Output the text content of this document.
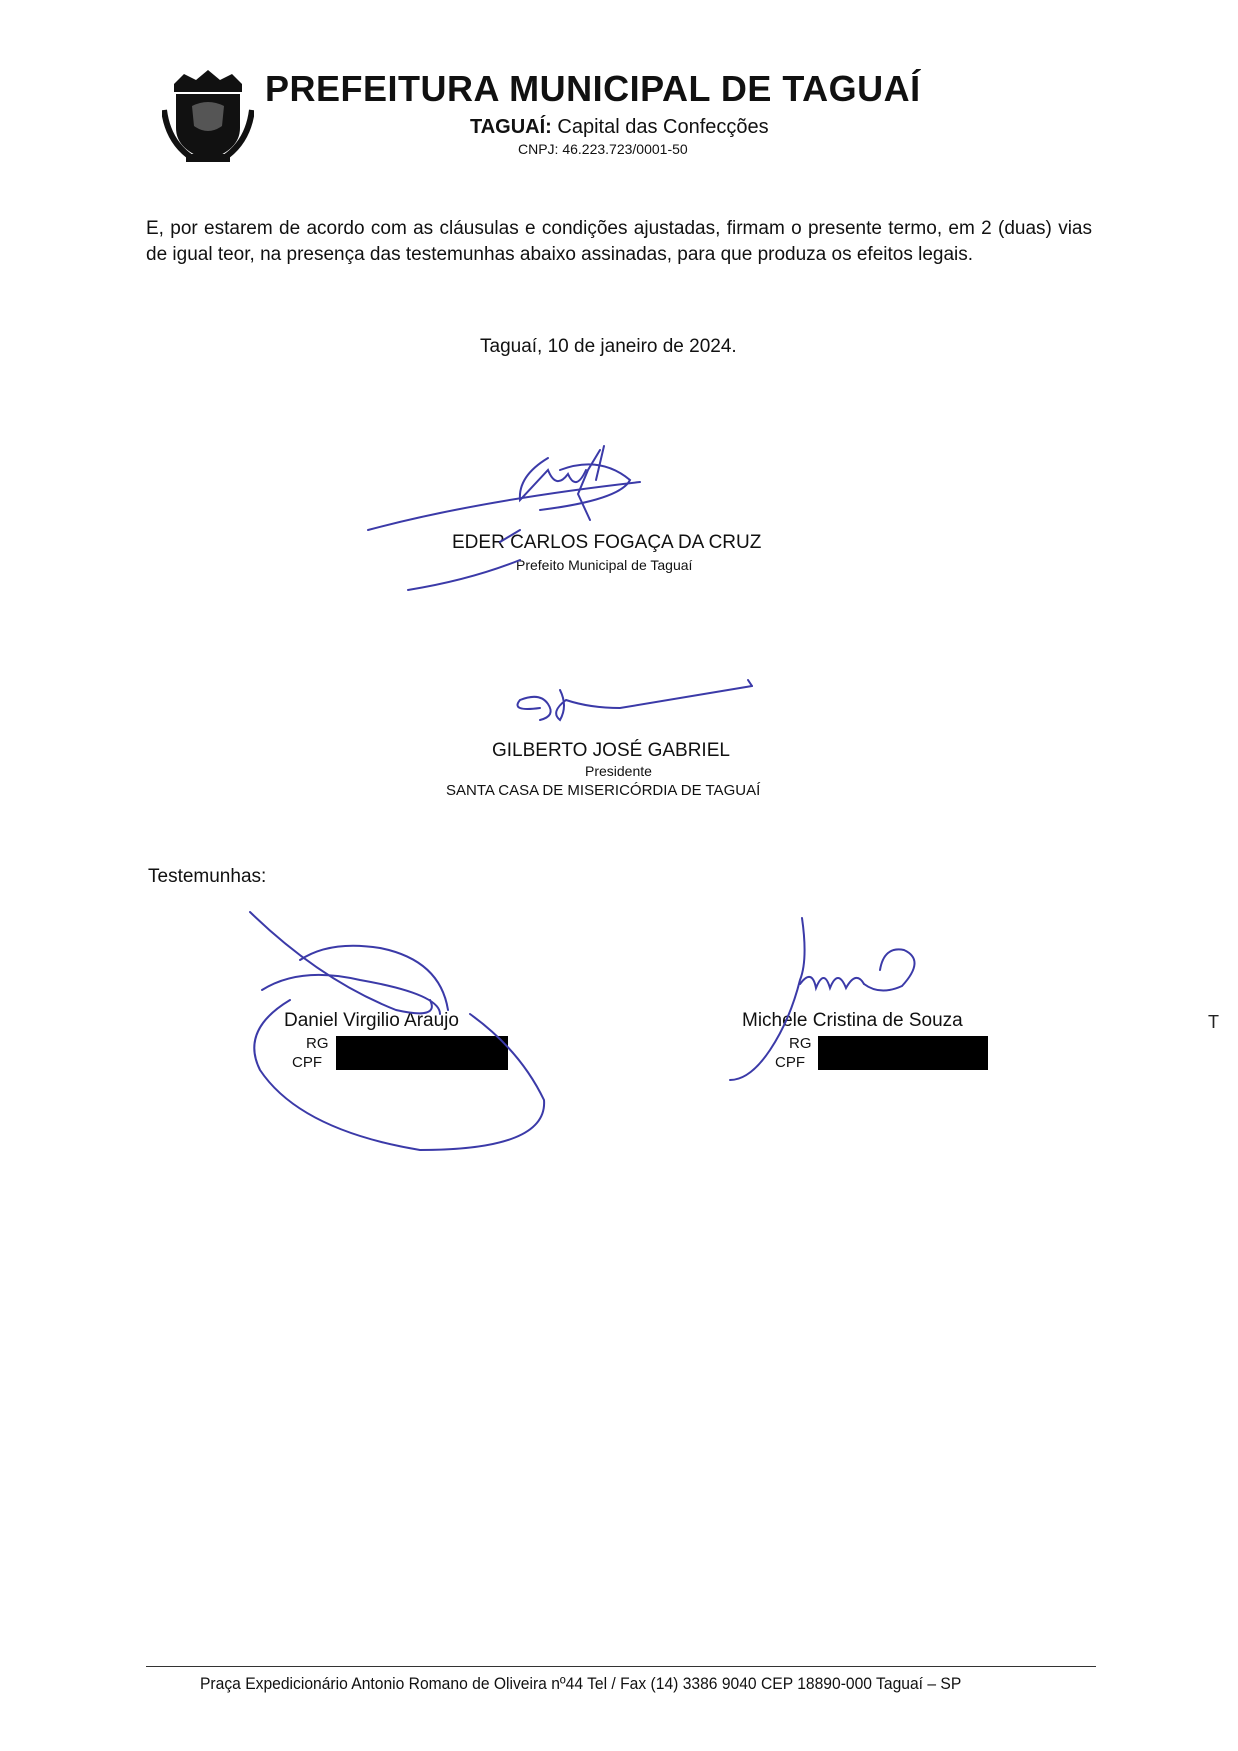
PREFEITURA MUNICIPAL DE TAGUAÍ
TAGUAÍ: Capital das Confecções
CNPJ: 46.223.723/0001-50
E, por estarem de acordo com as cláusulas e condições ajustadas, firmam o presente termo, em 2 (duas) vias de igual teor, na presença das testemunhas abaixo assinadas, para que produza os efeitos legais.
Taguaí, 10 de janeiro de 2024.
EDER CARLOS FOGAÇA DA CRUZ
Prefeito Municipal de Taguaí
GILBERTO JOSÉ GABRIEL
Presidente
SANTA CASA DE MISERICÓRDIA DE TAGUAÍ
Testemunhas:
Daniel Virgilio Araujo
RG
CPF
Michele Cristina de Souza
RG
CPF
T
Praça Expedicionário Antonio Romano de Oliveira nº44 Tel / Fax (14) 3386 9040 CEP 18890-000 Taguaí – SP
